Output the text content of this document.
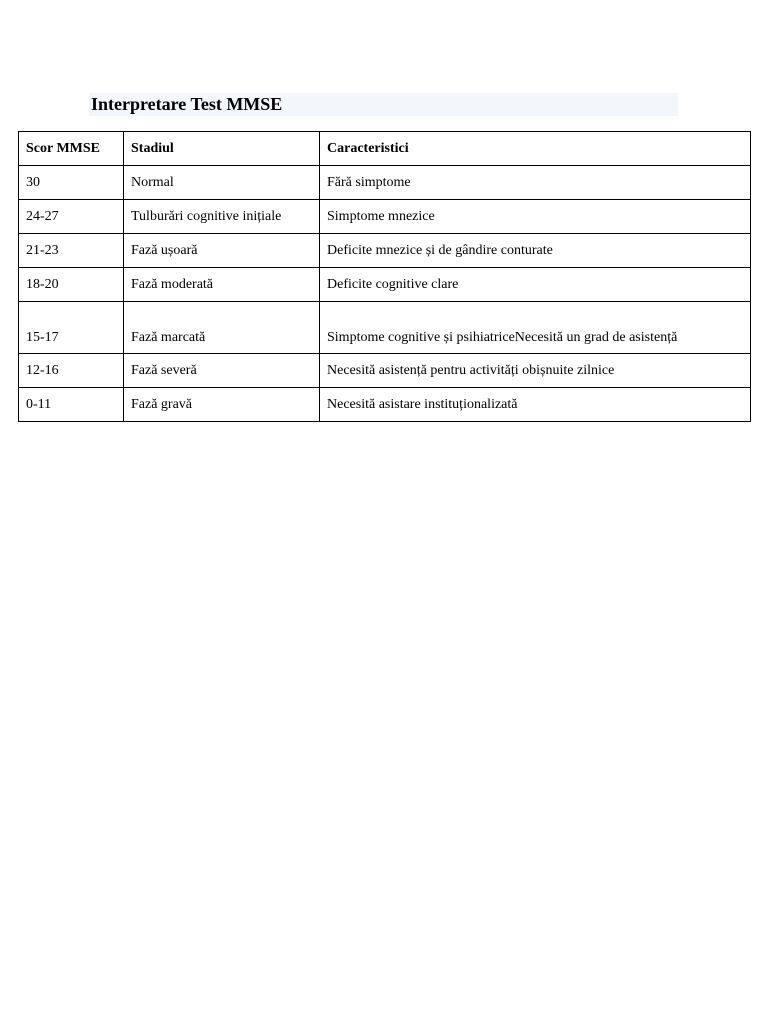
Interpretare Test MMSE
Scor MMSE	Stadiul	Caracteristici
30	Normal	Fără simptome
24-27	Tulburări cognitive inițiale	Simptome mnezice
21-23	Fază ușoară	Deficite mnezice și de gândire conturate
18-20	Fază moderată	Deficite cognitive clare
15-17	Fază marcată	Simptome cognitive și psihiatriceNecesită un grad de asistență
12-16	Fază severă	Necesită asistență pentru activități obișnuite zilnice
0-11	Fază gravă	Necesită asistare instituționalizată
